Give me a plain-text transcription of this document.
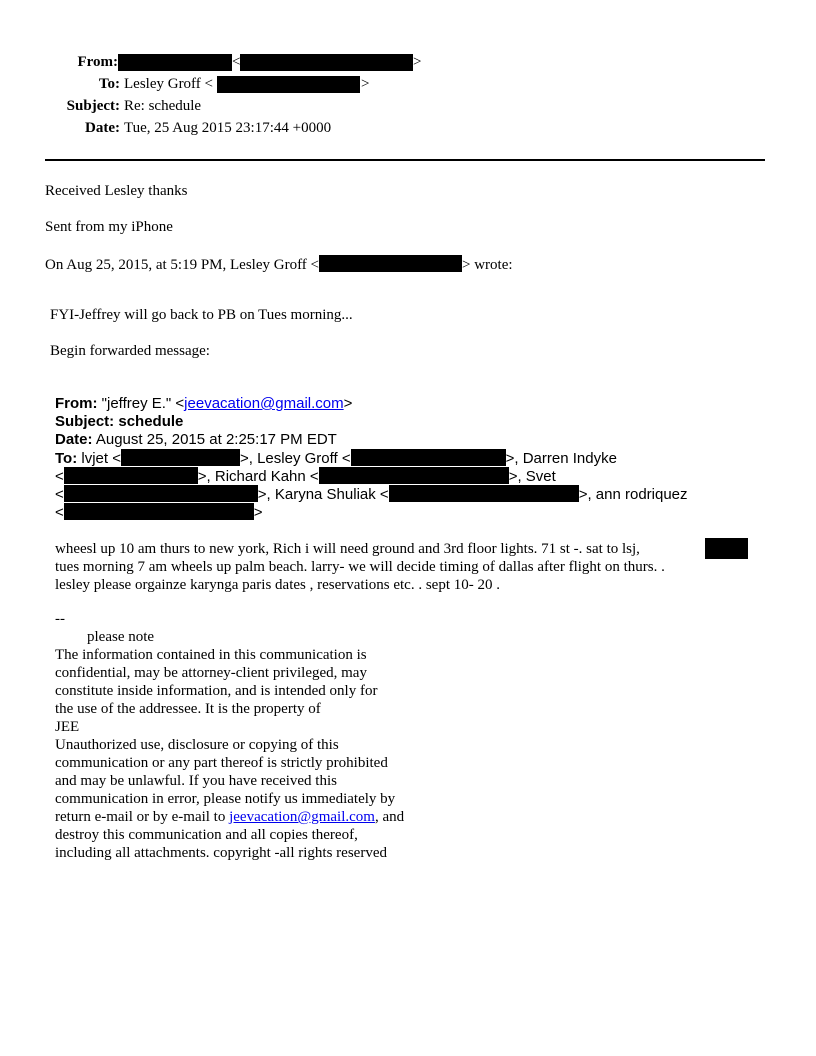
From:	<	>
To: Lesley Groff <	>
Subject: Re: schedule
Date: Tue, 25 Aug 2015 23:17:44 +0000
Received Lesley thanks
Sent from my iPhone
On Aug 25, 2015, at 5:19 PM, Lesley Groff <	> wrote:
FYI-Jeffrey will go back to PB on Tues morning...
Begin forwarded message:
From: "jeffrey E." <jeevacation@gmail.com>
Subject: schedule
Date: August 25, 2015 at 2:25:17 PM EDT
To: lvjet <	>, Lesley Groff <	>, Darren Indyke
<	>, Richard Kahn <	>, Svet
<	>, Karyna Shuliak <	>, ann rodriquez
<	>
wheesl up 10 am thurs to new york, Rich i will need ground and 3rd floor lights. 71 st -. sat to lsj,
tues morning 7 am wheels up palm beach. larry- we will decide timing of dallas after flight on thurs. .
lesley please orgainze karynga paris dates , reservations etc. . sept 10- 20 .
--
please note
The information contained in this communication is
confidential, may be attorney-client privileged, may
constitute inside information, and is intended only for
the use of the addressee. It is the property of
JEE
Unauthorized use, disclosure or copying of this
communication or any part thereof is strictly prohibited
and may be unlawful. If you have received this
communication in error, please notify us immediately by
return e-mail or by e-mail to jeevacation@gmail.com, and
destroy this communication and all copies thereof,
including all attachments. copyright -all rights reserved
